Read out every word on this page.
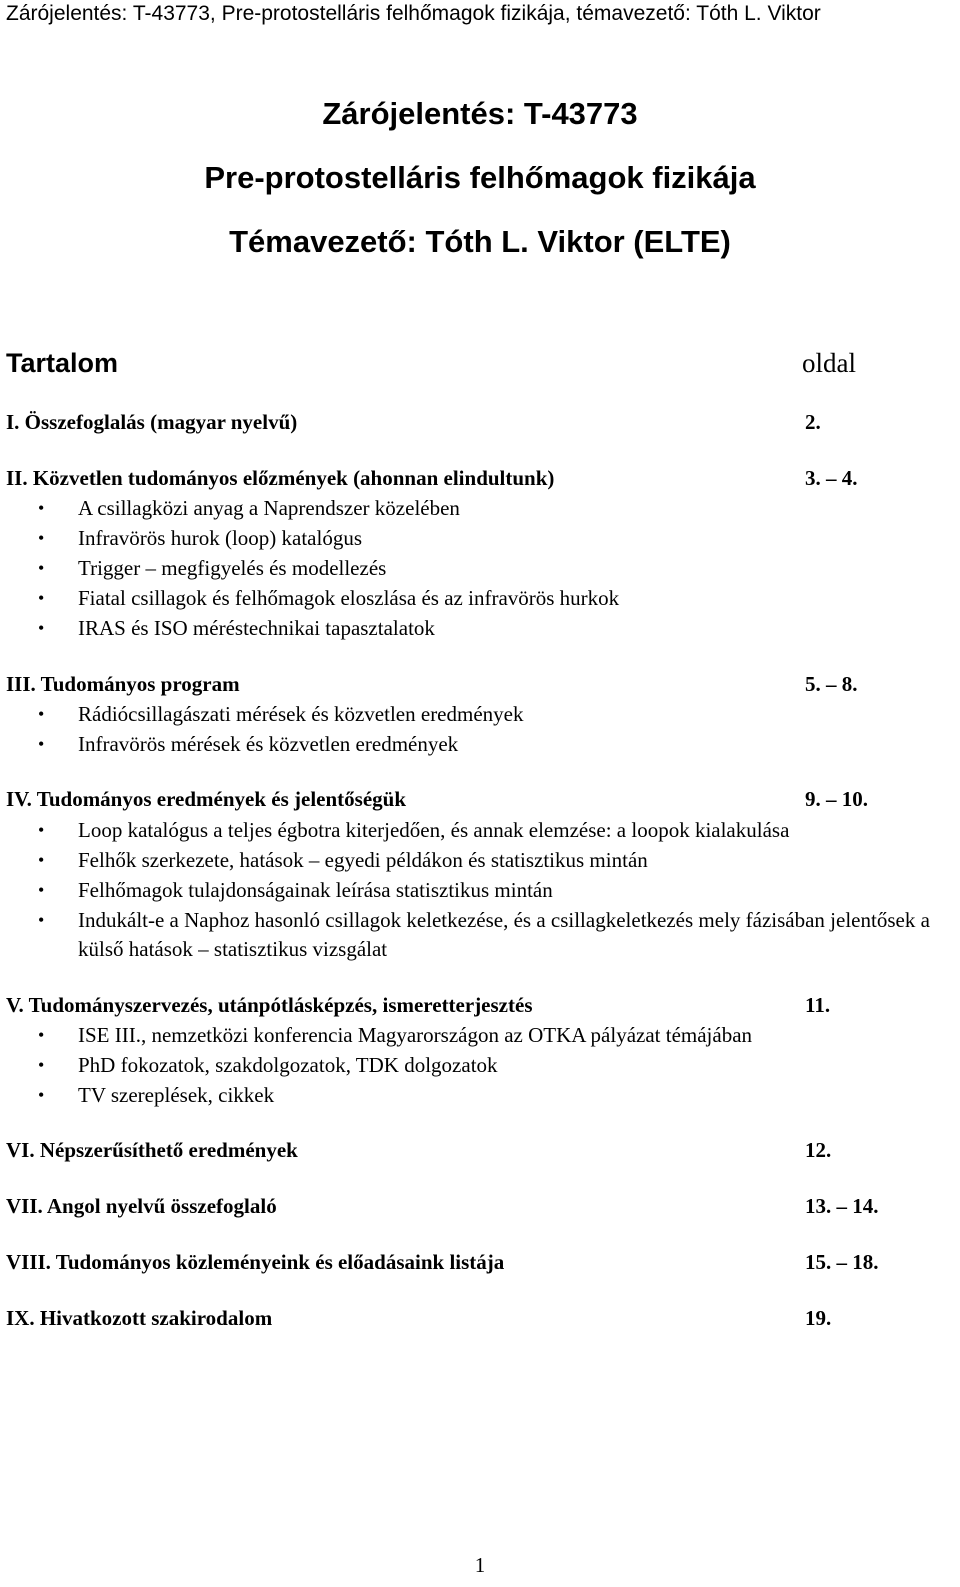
Zárójelentés: T-43773, Pre-protostelláris felhőmagok fizikája, témavezető: Tóth L. Viktor
Zárójelentés: T-43773
Pre-protostelláris felhőmagok fizikája
Témavezető: Tóth L. Viktor (ELTE)
Tartalom	oldal
I. Összefoglalás (magyar nyelvű)	2.
II. Közvetlen tudományos előzmények (ahonnan elindultunk)	3. – 4.
•	A csillagközi anyag a Naprendszer közelében
•	Infravörös hurok (loop) katalógus
•	Trigger – megfigyelés és modellezés
•	Fiatal csillagok és felhőmagok eloszlása és az infravörös hurkok
•	IRAS és ISO méréstechnikai tapasztalatok
III. Tudományos program	5. – 8.
•	Rádiócsillagászati mérések és közvetlen eredmények
•	Infravörös mérések és közvetlen eredmények
IV. Tudományos eredmények és jelentőségük	9. – 10.
•	Loop katalógus a teljes égbotra kiterjedően, és annak elemzése: a loopok kialakulása
•	Felhők szerkezete, hatások – egyedi példákon és statisztikus mintán
•	Felhőmagok tulajdonságainak leírása statisztikus mintán
•	Indukált-e a Naphoz hasonló csillagok keletkezése, és a csillagkeletkezés mely fázisában jelentősek a külső hatások – statisztikus vizsgálat
V. Tudományszervezés, utánpótlásképzés, ismeretterjesztés	11.
•	ISE III., nemzetközi konferencia Magyarországon az OTKA pályázat témájában
•	PhD fokozatok, szakdolgozatok, TDK dolgozatok
•	TV szereplések, cikkek
VI. Népszerűsíthető eredmények	12.
VII. Angol nyelvű összefoglaló	13. – 14.
VIII. Tudományos közleményeink és előadásaink listája	15. – 18.
IX. Hivatkozott szakirodalom	19.
1
